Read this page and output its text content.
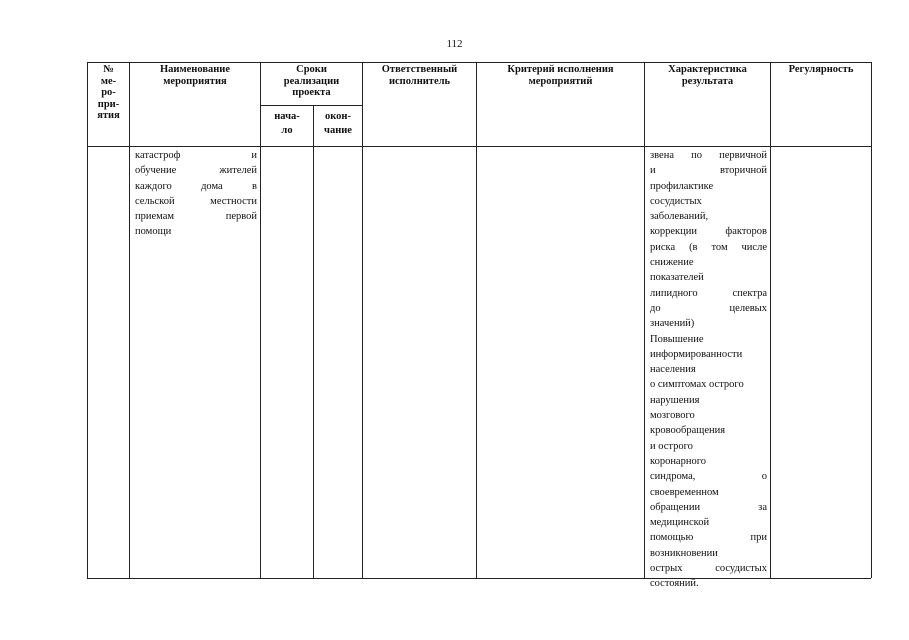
112
№
ме-
ро-
при-
ятия
Наименование
мероприятия
Сроки
реализации
проекта
нача-
ло
окон-
чание
Ответственный
исполнитель
Критерий исполнения
мероприятий
Характеристика
результата
Регулярность
катастроф и
обучение жителей
каждого дома в
сельской местности
приемам первой
помощи
звена по первичной
и вторичной
профилактике
сосудистых
заболеваний,
коррекции факторов
риска (в том числе
снижение
показателей
липидного спектра
до целевых
значений)
Повышение
информированности
населения
о симптомах острого
нарушения
мозгового
кровообращения
и острого
коронарного
синдрома, о
своевременном
обращении за
медицинской
помощью при
возникновении
острых сосудистых
состояний.
